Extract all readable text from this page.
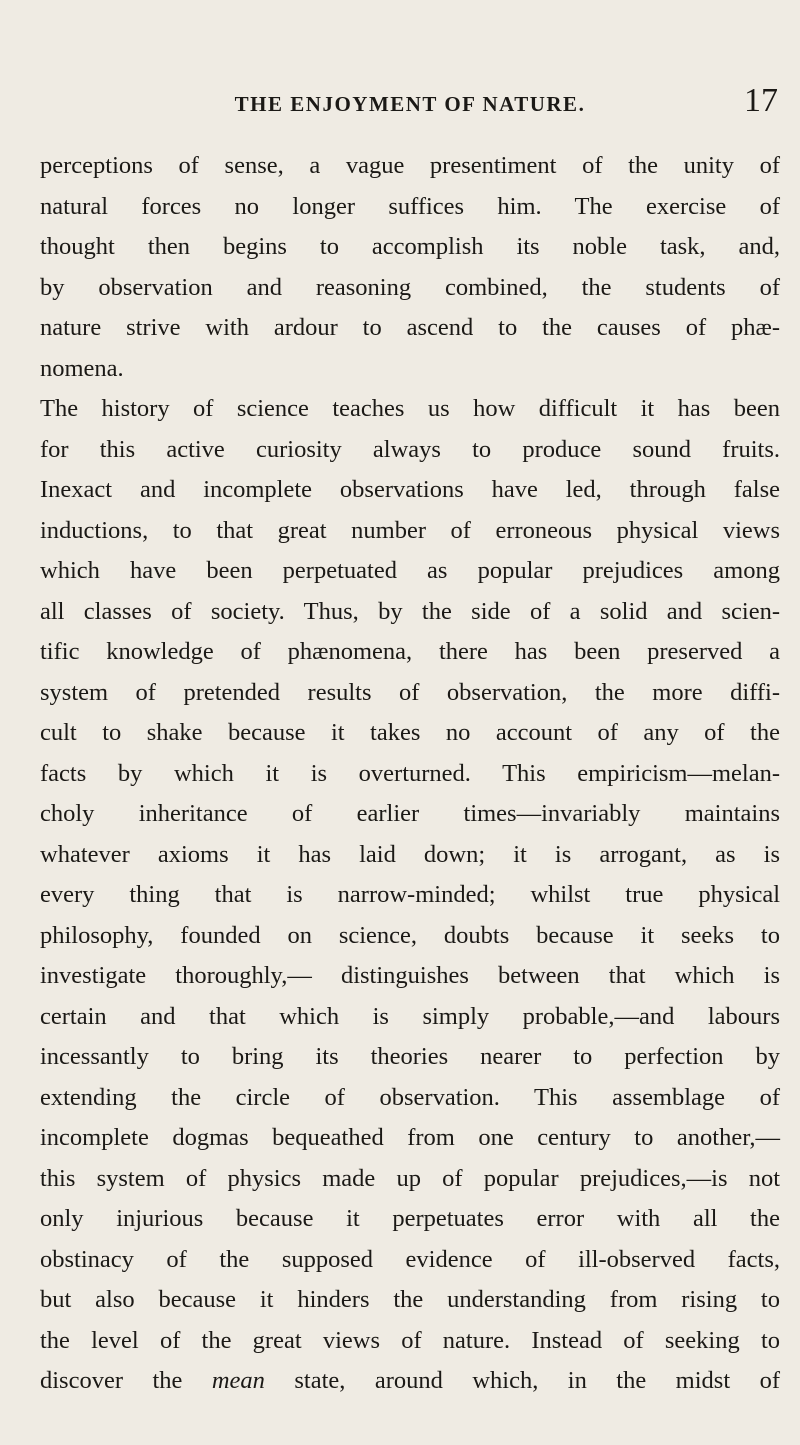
THE ENJOYMENT OF NATURE.	17
perceptions of sense, a vague presentiment of the unity of
natural forces no longer suffices him. The exercise of
thought then begins to accomplish its noble task, and,
by observation and reasoning combined, the students of
nature strive with ardour to ascend to the causes of phæ-
nomena.
The history of science teaches us how difficult it has been
for this active curiosity always to produce sound fruits.
Inexact and incomplete observations have led, through false
inductions, to that great number of erroneous physical views
which have been perpetuated as popular prejudices among
all classes of society. Thus, by the side of a solid and scien-
tific knowledge of phænomena, there has been preserved a
system of pretended results of observation, the more diffi-
cult to shake because it takes no account of any of the
facts by which it is overturned. This empiricism—melan-
choly inheritance of earlier times—invariably maintains
whatever axioms it has laid down; it is arrogant, as is
every thing that is narrow-minded; whilst true physical
philosophy, founded on science, doubts because it seeks to
investigate thoroughly,— distinguishes between that which is
certain and that which is simply probable,—and labours
incessantly to bring its theories nearer to perfection by
extending the circle of observation. This assemblage of
incomplete dogmas bequeathed from one century to another,—
this system of physics made up of popular prejudices,—is not
only injurious because it perpetuates error with all the
obstinacy of the supposed evidence of ill-observed facts,
but also because it hinders the understanding from rising to
the level of the great views of nature. Instead of seeking to
discover the mean state, around which, in the midst of
